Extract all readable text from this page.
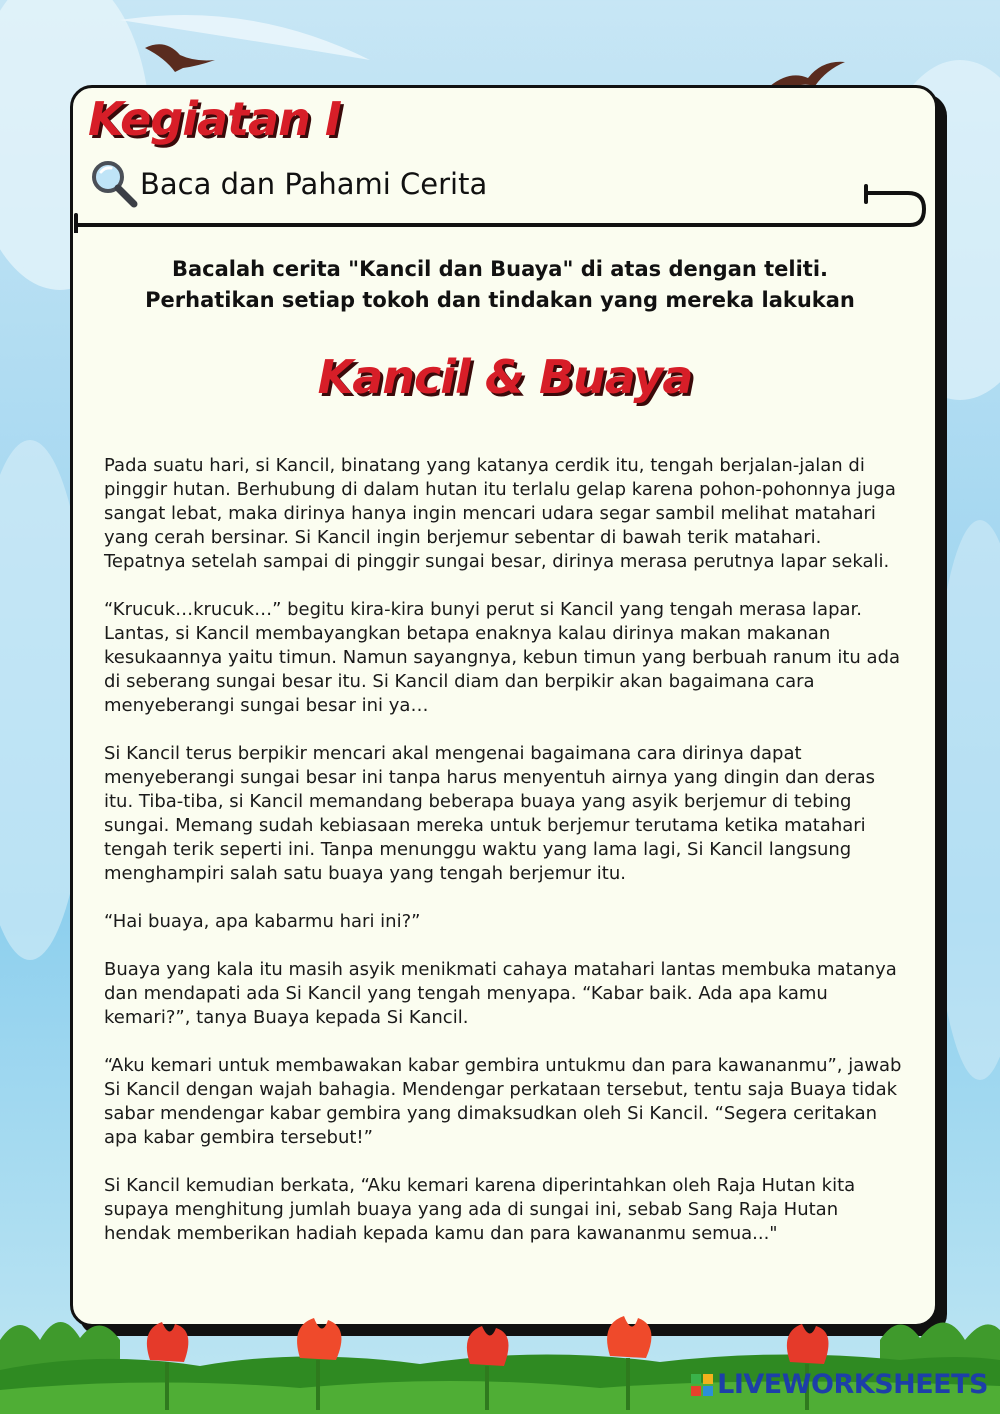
Kegiatan I
Baca dan Pahami Cerita
Bacalah cerita "Kancil dan Buaya" di atas dengan teliti.
Perhatikan setiap tokoh dan tindakan yang mereka lakukan
Kancil & Buaya

Pada suatu hari, si Kancil, binatang yang katanya cerdik itu, tengah berjalan-jalan di pinggir hutan. Berhubung di dalam hutan itu terlalu gelap karena pohon-pohonnya juga sangat lebat, maka dirinya hanya ingin mencari udara segar sambil melihat matahari yang cerah bersinar. Si Kancil ingin berjemur sebentar di bawah terik matahari. Tepatnya setelah sampai di pinggir sungai besar, dirinya merasa perutnya lapar sekali.

“Krucuk…krucuk…” begitu kira-kira bunyi perut si Kancil yang tengah merasa lapar. Lantas, si Kancil membayangkan betapa enaknya kalau dirinya makan makanan kesukaannya yaitu timun. Namun sayangnya, kebun timun yang berbuah ranum itu ada di seberang sungai besar itu. Si Kancil diam dan berpikir akan bagaimana cara menyeberangi sungai besar ini ya…

Si Kancil terus berpikir mencari akal mengenai bagaimana cara dirinya dapat menyeberangi sungai besar ini tanpa harus menyentuh airnya yang dingin dan deras itu. Tiba-tiba, si Kancil memandang beberapa buaya yang asyik berjemur di tebing sungai. Memang sudah kebiasaan mereka untuk berjemur terutama ketika matahari tengah terik seperti ini. Tanpa menunggu waktu yang lama lagi, Si Kancil langsung menghampiri salah satu buaya yang tengah berjemur itu.

“Hai buaya, apa kabarmu hari ini?”

Buaya yang kala itu masih asyik menikmati cahaya matahari lantas membuka matanya dan mendapati ada Si Kancil yang tengah menyapa. “Kabar baik. Ada apa kamu kemari?”, tanya Buaya kepada Si Kancil.

“Aku kemari untuk membawakan kabar gembira untukmu dan para kawananmu”, jawab Si Kancil dengan wajah bahagia. Mendengar perkataan tersebut, tentu saja Buaya tidak sabar mendengar kabar gembira yang dimaksudkan oleh Si Kancil. “Segera ceritakan apa kabar gembira tersebut!”

Si Kancil kemudian berkata, “Aku kemari karena diperintahkan oleh Raja Hutan kita supaya menghitung jumlah buaya yang ada di sungai ini, sebab Sang Raja Hutan hendak memberikan hadiah kepada kamu dan para kawananmu semua..."

LIVEWORKSHEETS
